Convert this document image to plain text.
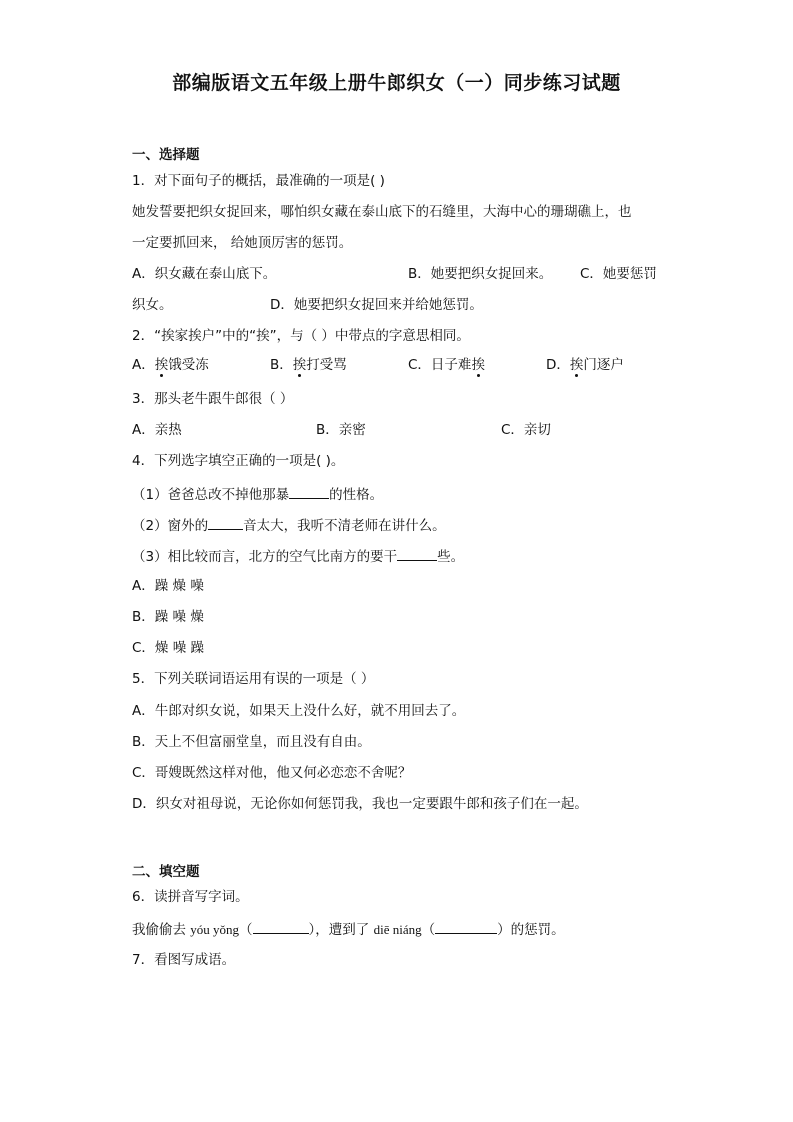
部编版语文五年级上册牛郎织女（一）同步练习试题
一、选择题
1．对下面句子的概括，最准确的一项是( )
她发誓要把织女捉回来，哪怕织女藏在泰山底下的石缝里，大海中心的珊瑚礁上，也
一定要抓回来， 给她顶厉害的惩罚。
A．织女藏在泰山底下。	B．她要把织女捉回来。 C．她要惩罚
织女。	D．她要把织女捉回来并给她惩罚。
2．“挨家挨户”中的“挨”，与（ ）中带点的字意思相同。
A．挨饿受冻	B．挨打受骂	C．日子难挨	D．挨门逐户
3．那头老牛跟牛郎很（ ）
A．亲热	B．亲密	C．亲切
4．下列选字填空正确的一项是( )。
（1）爸爸总改不掉他那暴	的性格。
（2）窗外的	音太大，我听不清老师在讲什么。
（3）相比较而言，北方的空气比南方的要干	些。
A．躁 燥 噪
B．躁 噪 燥
C．燥 噪 躁
5．下列关联词语运用有误的一项是（ ）
A．牛郎对织女说，如果天上没什么好，就不用回去了。
B．天上不但富丽堂皇，而且没有自由。
C．哥嫂既然这样对他，他又何必恋恋不舍呢？
D．织女对祖母说，无论你如何惩罚我，我也一定要跟牛郎和孩子们在一起。
二、填空题
6．读拼音写字词。
我偷偷去 yóu yǒng（	），遭到了 diē niáng（	）的惩罚。
7．看图写成语。
